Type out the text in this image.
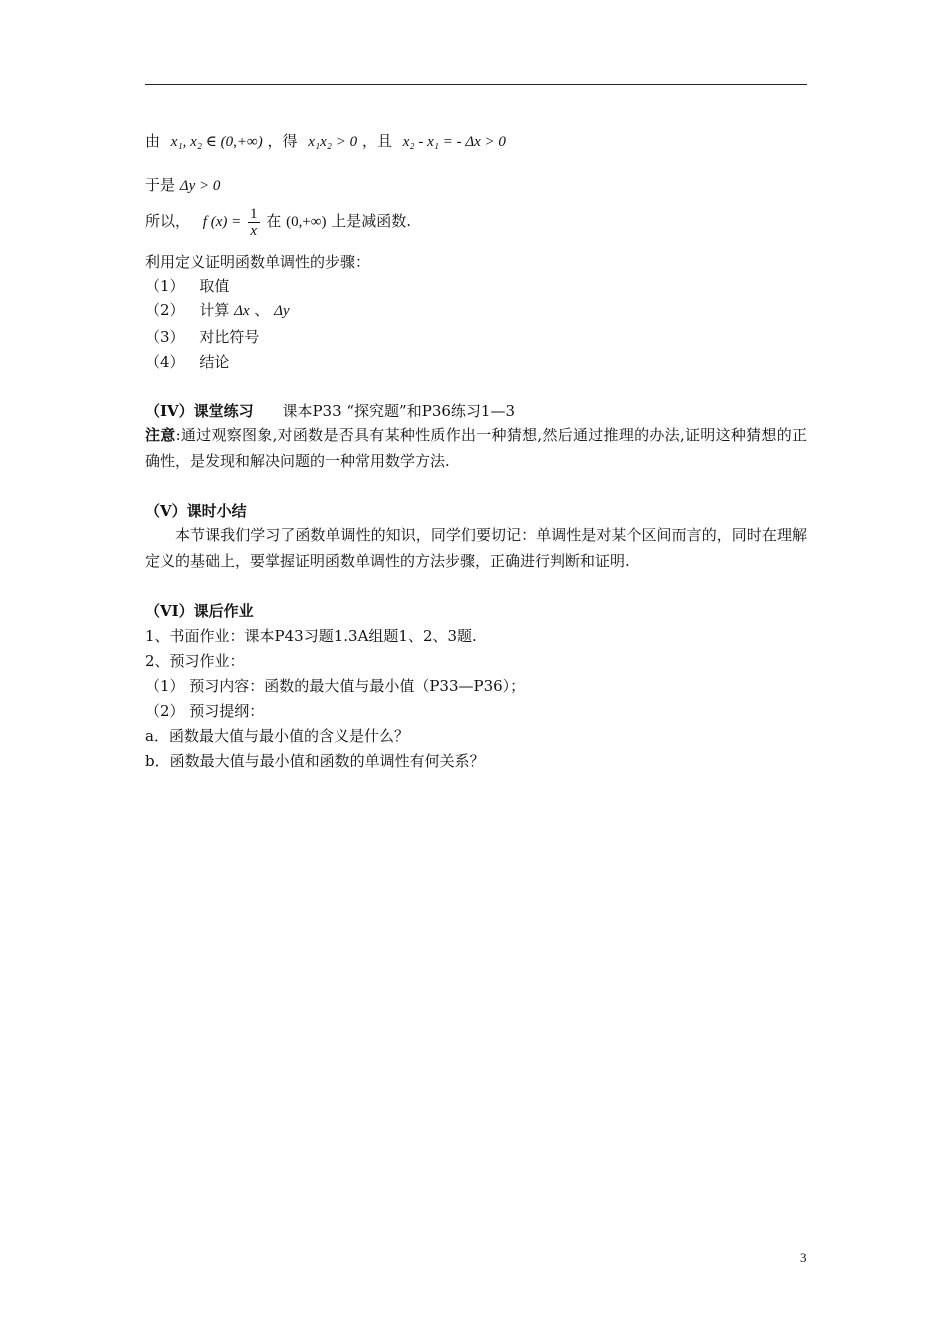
由 x₁, x₂ ∈ (0,+∞) ，得 x₁x₂ > 0 ，且 x₂ - x₁ = - Δx > 0
于是 Δy > 0
所以， f $(x) = \frac{1}{x}$ 在 (0,+∞) 上是减函数.
利用定义证明函数单调性的步骤：
（1） 取值
（2） 计算 Δx 、 Δy
（3） 对比符号
（4） 结论
（IV）课堂练习 课本P33 “探究题”和P36练习1—3
注意:通过观察图象,对函数是否具有某种性质作出一种猜想,然后通过推理的办法,证明这种猜想的正确性，是发现和解决问题的一种常用数学方法.
（V）课时小结
本节课我们学习了函数单调性的知识，同学们要切记：单调性是对某个区间而言的，同时在理解定义的基础上，要掌握证明函数单调性的方法步骤，正确进行判断和证明.
（VI）课后作业
1、书面作业：课本P43习题1.3A组题1、2、3题.
2、预习作业：
（1） 预习内容：函数的最大值与最小值（P33—P36）；
（2） 预习提纲：
a．函数最大值与最小值的含义是什么？
b．函数最大值与最小值和函数的单调性有何关系？
3
